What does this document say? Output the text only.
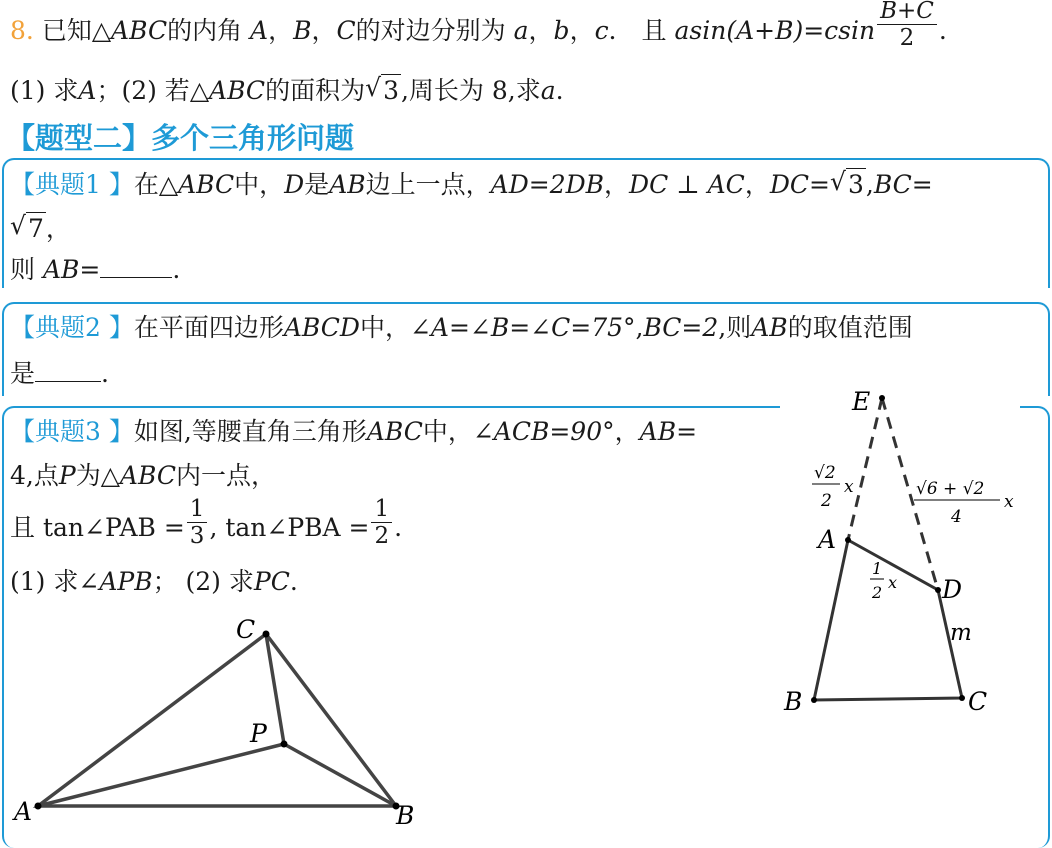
8. 已知△ABC的内角 A，B，C的对边分别为 a，b，c． 且 $asin(A+B)=csin \frac{B+C}{2}$ .
(1) 求A；(2) 若△ABC的面积为 √ 3,周长为 8,求a.
【题型二】多个三角形问题
【典题1 】在△ABC中，D是AB边上一点，AD=2DB，DC ⊥ AC，DC= √ 3,BC=
√ 7，
则 AB=	.
【典题2 】在平面四边形ABCD中，∠A=∠B=∠C=75°,BC=2,则AB的取值范围
是	.
【典题3 】如图,等腰直角三角形ABC中，∠ACB=90°，AB=
4,点P为△ABC内一点，
且 tan∠PAB = $\frac{1}{3}$ , tan∠PBA = $\frac{1}{2}$ .
(1) 求∠APB； (2) 求PC.
E
A
D
B	C
m
√2
2
x	√6 + √2
4
x
1
2
x
C
P
A	B
